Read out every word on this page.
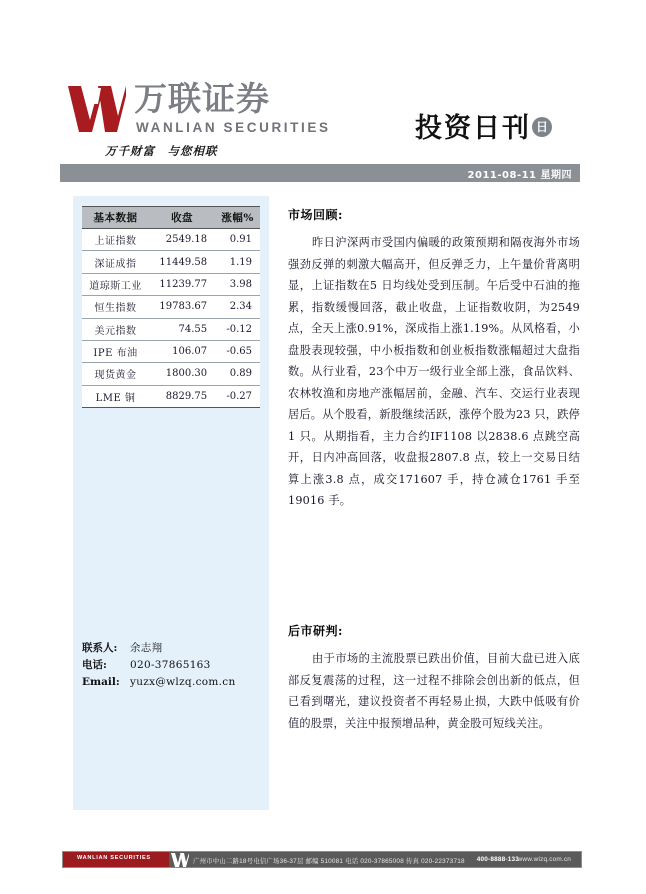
万联证券
WANLIAN SECURITIES
万千财富　与您相联
投资日刊 日
2011-08-11 星期四
基本数据	收盘	涨幅%
上证指数	2549.18	0.91
深证成指	11449.58	1.19
道琼斯工业	11239.77	3.98
恒生指数	19783.67	2.34
美元指数	74.55	-0.12
IPE 布油	106.07	-0.65
现货黄金	1800.30	0.89
LME 铜	8829.75	-0.27
联系人: 余志翔
电话: 020-37865163
Email: yuzx@wlzq.com.cn

市场回顾:

昨日沪深两市受国内偏暖的政策预期和隔夜海外市场强劲反弹的刺激大幅高开，但反弹乏力，上午量价背离明显，上证指数在5 日均线处受到压制。午后受中石油的拖累，指数缓慢回落，截止收盘，上证指数收阴，为2549 点，全天上涨0.91%，深成指上涨1.19%。从风格看，小盘股表现较强，中小板指数和创业板指数涨幅超过大盘指数。从行业看，23个中万一级行业全部上涨，食品饮料、农林牧渔和房地产涨幅居前，金融、汽车、交运行业表现居后。从个股看，新股继续活跃，涨停个股为23 只，跌停1 只。从期指看，主力合约IF1108 以2838.6 点跳空高开，日内冲高回落，收盘报2807.8 点，较上一交易日结算上涨3.8 点，成交171607 手，持仓减仓1761 手至19016 手。

后市研判:

由于市场的主流股票已跌出价值，目前大盘已进入底部反复震荡的过程，这一过程不排除会创出新的低点，但已看到曙光，建议投资者不再轻易止损，大跌中低吸有价值的股票，关注中报预增品种，黄金股可短线关注。

WANLIAN SECURITIES	广州市中山二路18号电信广场36-37层 邮编 510081 电话 020-37865008 传真 020-22373718 400-8888-133
www.wlzq.com.cn
